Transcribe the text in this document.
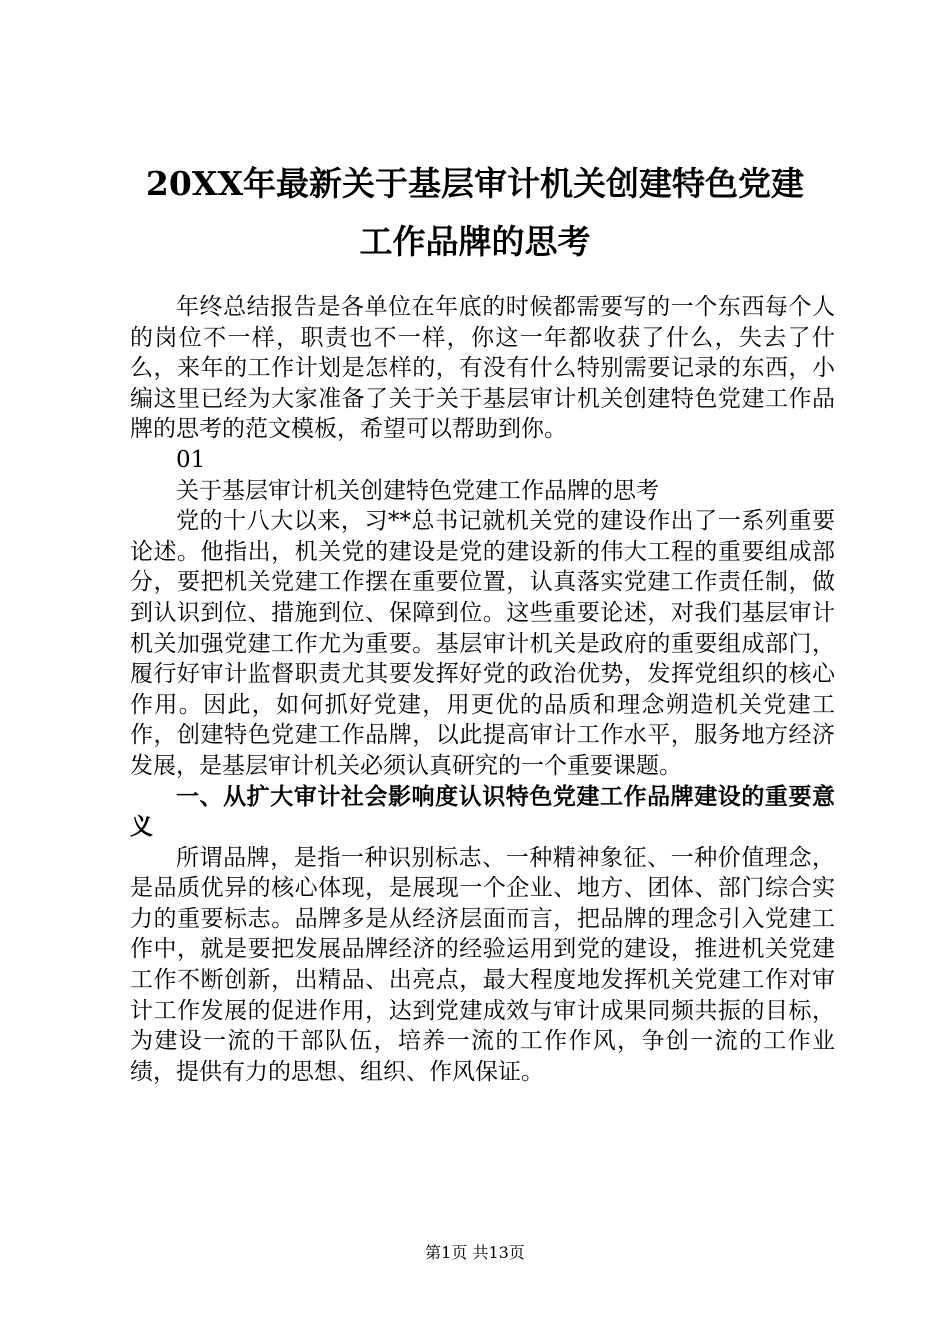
20XX年最新关于基层审计机关创建特色党建
工作品牌的思考

年终总结报告是各单位在年底的时候都需要写的一个东西每个人的岗位不一样，职责也不一样，你这一年都收获了什么，失去了什么，来年的工作计划是怎样的，有没有什么特别需要记录的东西，小编这里已经为大家准备了关于关于基层审计机关创建特色党建工作品牌的思考的范文模板，希望可以帮助到你。

01

关于基层审计机关创建特色党建工作品牌的思考

党的十八大以来，习**总书记就机关党的建设作出了一系列重要论述。他指出，机关党的建设是党的建设新的伟大工程的重要组成部分，要把机关党建工作摆在重要位置，认真落实党建工作责任制，做到认识到位、措施到位、保障到位。这些重要论述，对我们基层审计机关加强党建工作尤为重要。基层审计机关是政府的重要组成部门，履行好审计监督职责尤其要发挥好党的政治优势，发挥党组织的核心作用。因此，如何抓好党建，用更优的品质和理念朔造机关党建工作，创建特色党建工作品牌，以此提高审计工作水平，服务地方经济发展，是基层审计机关必须认真研究的一个重要课题。

一、从扩大审计社会影响度认识特色党建工作品牌建设的重要意义

所谓品牌，是指一种识别标志、一种精神象征、一种价值理念，是品质优异的核心体现，是展现一个企业、地方、团体、部门综合实力的重要标志。品牌多是从经济层面而言，把品牌的理念引入党建工作中，就是要把发展品牌经济的经验运用到党的建设，推进机关党建工作不断创新，出精品、出亮点，最大程度地发挥机关党建工作对审计工作发展的促进作用，达到党建成效与审计成果同频共振的目标，为建设一流的干部队伍，培养一流的工作作风，争创一流的工作业绩，提供有力的思想、组织、作风保证。

第1页 共13页
